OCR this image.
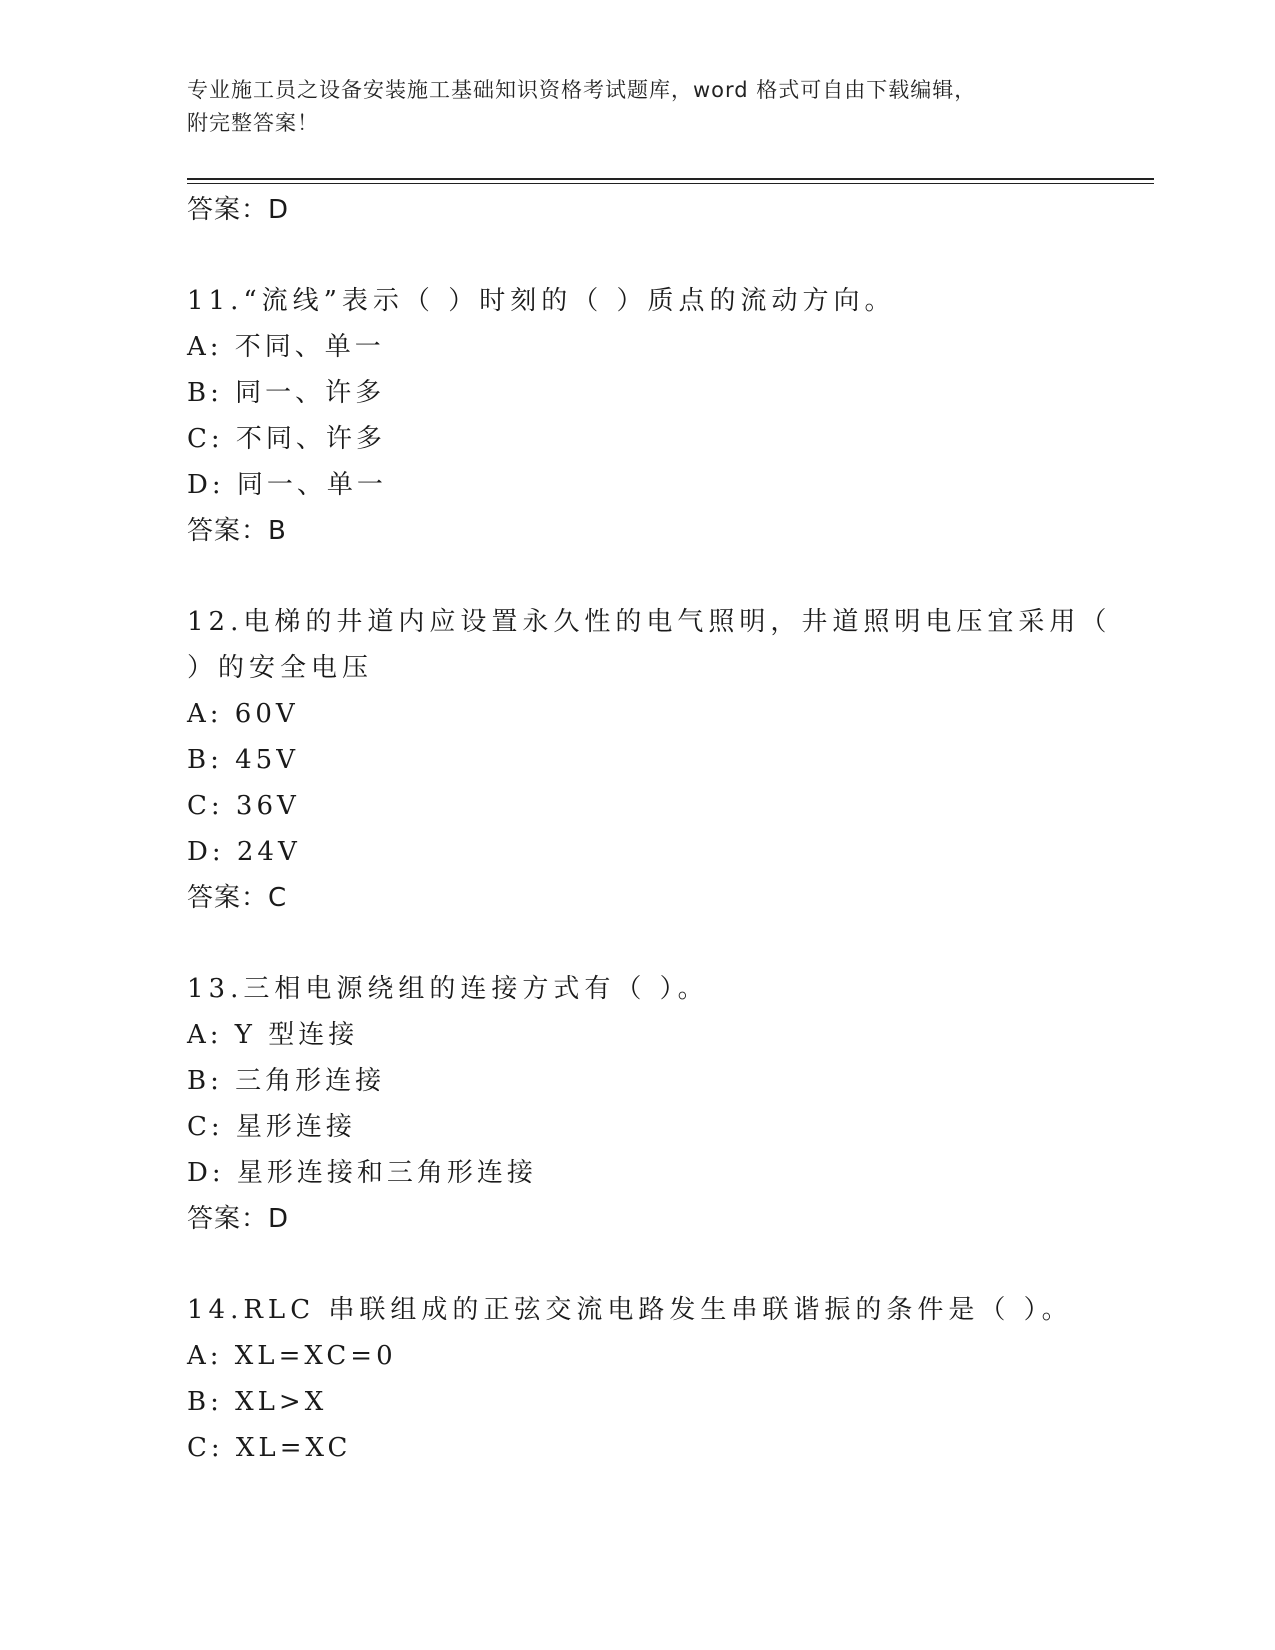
专业施工员之设备安装施工基础知识资格考试题库，word 格式可自由下载编辑，
附完整答案！
答案：D
11.“流线”表示（ ）时刻的（ ）质点的流动方向。
A: 不同、单一
B: 同一、许多
C: 不同、许多
D: 同一、单一
答案：B
12.电梯的井道内应设置永久性的电气照明，井道照明电压宜采用（
）的安全电压
A: 60V
B: 45V
C: 36V
D: 24V
答案：C
13.三相电源绕组的连接方式有（ ）。
A: Y 型连接
B: 三角形连接
C: 星形连接
D: 星形连接和三角形连接
答案：D
14.RLC 串联组成的正弦交流电路发生串联谐振的条件是（ ）。
A: XL=XC=0
B: XL>X
C: XL=XC
